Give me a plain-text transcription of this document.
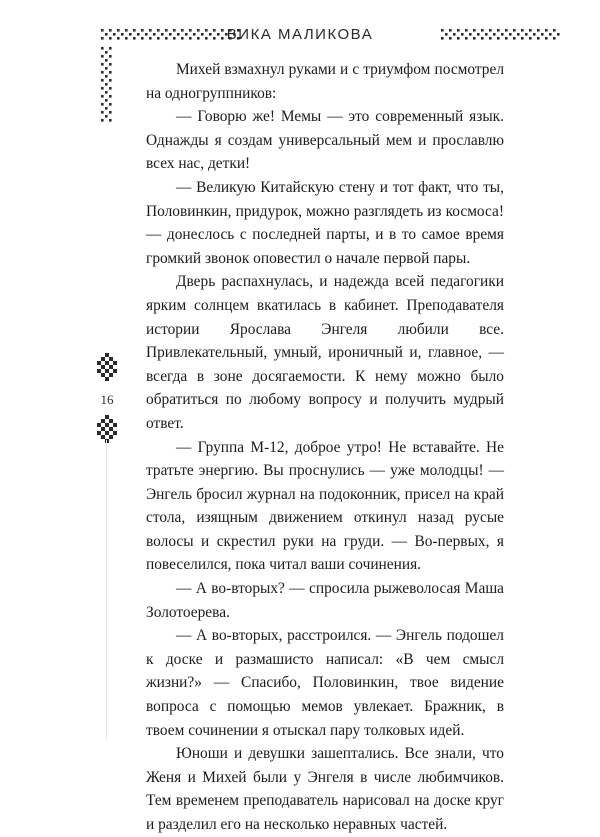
ВИКА МАЛИКОВА
16

Михей взмахнул руками и с триумфом посмотрел на одногруппников:

— Говорю же! Мемы — это современный язык. Однажды я создам универсальный мем и прославлю всех нас, детки!

— Великую Китайскую стену и тот факт, что ты, Половинкин, придурок, можно разглядеть из космоса! — донеслось с последней парты, и в то самое время громкий звонок оповестил о начале первой пары.

Дверь распахнулась, и надежда всей педагогики ярким солнцем вкатилась в кабинет. Преподавателя истории Ярослава Энгеля любили все. Привлекательный, умный, ироничный и, главное, — всегда в зоне досягаемости. К нему можно было обратиться по любому вопросу и получить мудрый ответ.

— Группа М-12, доброе утро! Не вставайте. Не тратьте энергию. Вы проснулись — уже молодцы! — Энгель бросил журнал на подоконник, присел на край стола, изящным движением откинул назад русые волосы и скрестил руки на груди. — Во-первых, я повеселился, пока читал ваши сочинения.

— А во-вторых? — спросила рыжеволосая Маша Золотоерева.

— А во-вторых, расстроился. — Энгель подошел к доске и размашисто написал: «В чем смысл жизни?» — Спасибо, Половинкин, твое видение вопроса с помощью мемов увлекает. Бражник, в твоем сочинении я отыскал пару толковых идей.

Юноши и девушки зашептались. Все знали, что Женя и Михей были у Энгеля в числе любимчиков. Тем временем преподаватель нарисовал на доске круг и разделил его на несколько неравных частей.
